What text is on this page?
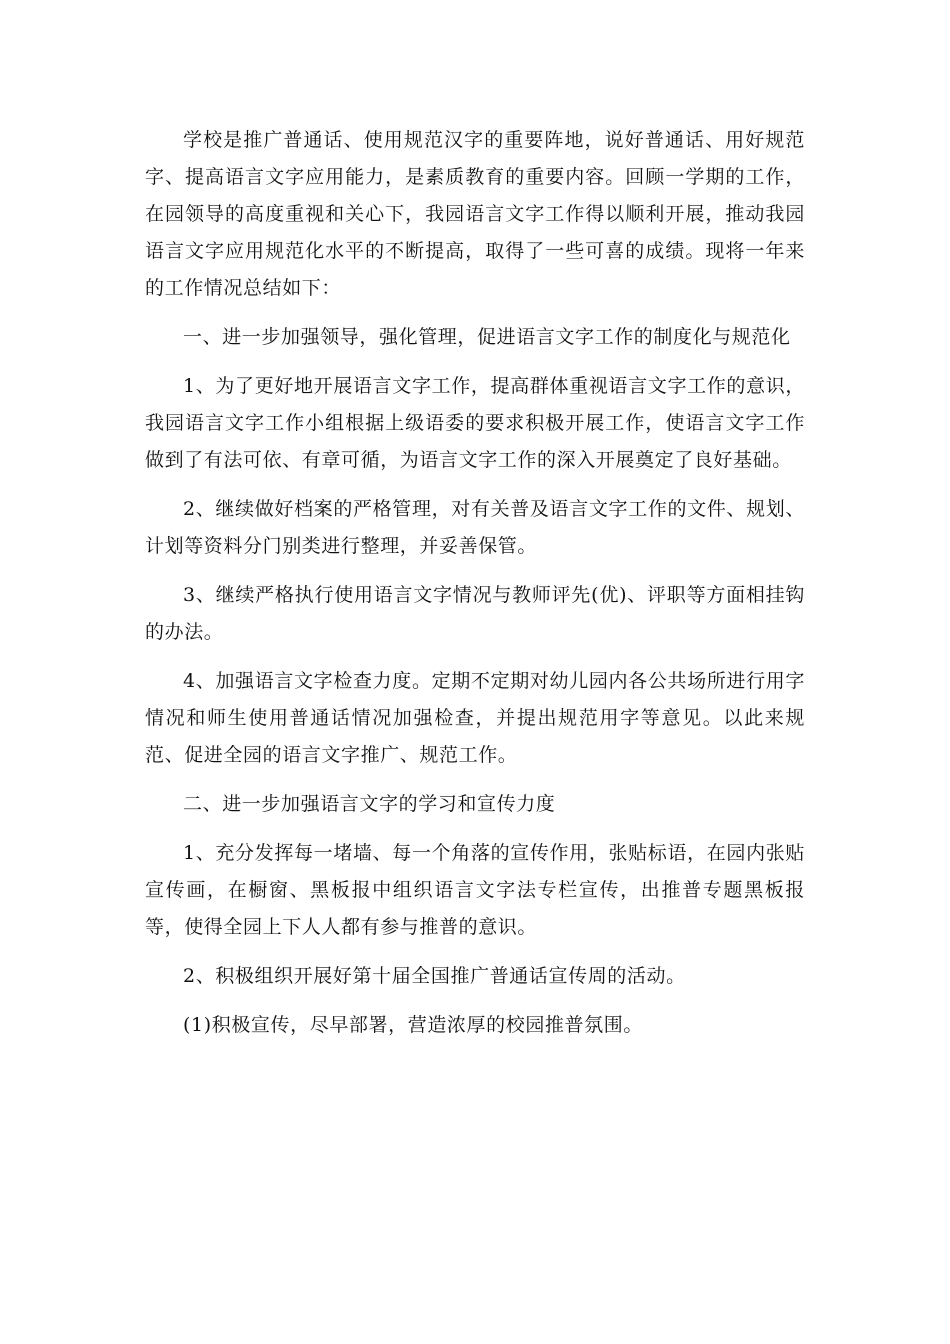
学校是推广普通话、使用规范汉字的重要阵地，说好普通话、用好规范字、提高语言文字应用能力，是素质教育的重要内容。回顾一学期的工作，在园领导的高度重视和关心下，我园语言文字工作得以顺利开展，推动我园语言文字应用规范化水平的不断提高，取得了一些可喜的成绩。现将一年来的工作情况总结如下：

一、进一步加强领导，强化管理，促进语言文字工作的制度化与规范化

1、为了更好地开展语言文字工作，提高群体重视语言文字工作的意识，我园语言文字工作小组根据上级语委的要求积极开展工作，使语言文字工作做到了有法可依、有章可循，为语言文字工作的深入开展奠定了良好基础。

2、继续做好档案的严格管理，对有关普及语言文字工作的文件、规划、计划等资料分门别类进行整理，并妥善保管。

3、继续严格执行使用语言文字情况与教师评先(优)、评职等方面相挂钩的办法。

4、加强语言文字检查力度。定期不定期对幼儿园内各公共场所进行用字情况和师生使用普通话情况加强检查，并提出规范用字等意见。以此来规范、促进全园的语言文字推广、规范工作。

二、进一步加强语言文字的学习和宣传力度

1、充分发挥每一堵墙、每一个角落的宣传作用，张贴标语，在园内张贴宣传画，在橱窗、黑板报中组织语言文字法专栏宣传，出推普专题黑板报等，使得全园上下人人都有参与推普的意识。

2、积极组织开展好第十届全国推广普通话宣传周的活动。

(1)积极宣传，尽早部署，营造浓厚的校园推普氛围。
